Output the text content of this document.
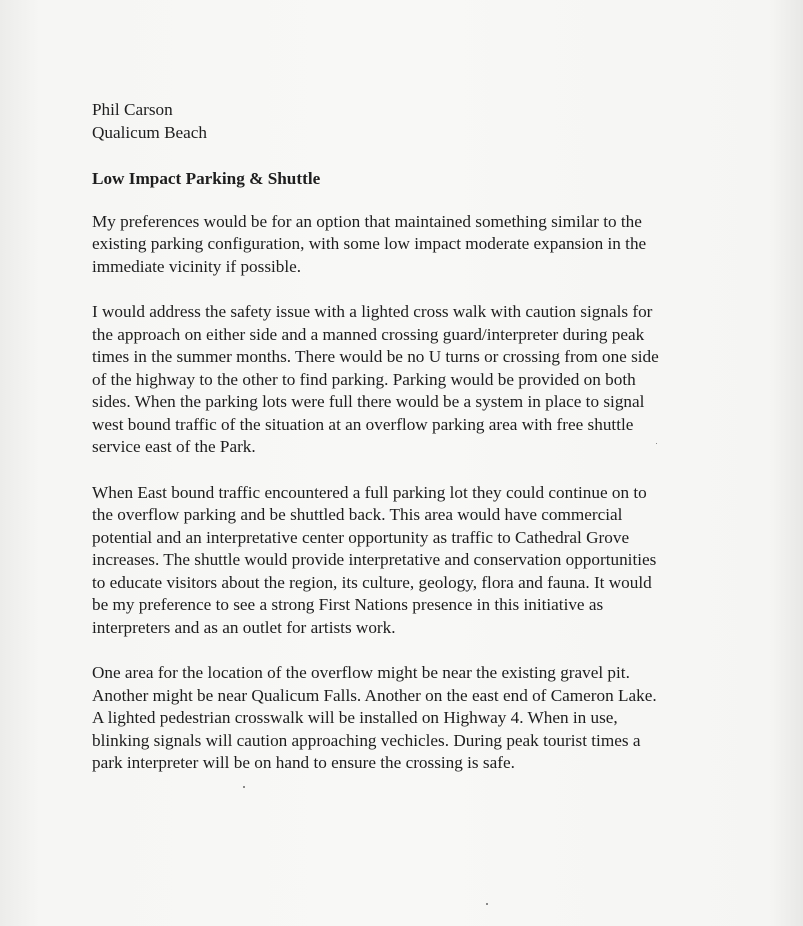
Phil Carson
Qualicum Beach
Low Impact Parking & Shuttle
My preferences would be for an option that maintained something similar to the
existing parking configuration, with some low impact moderate expansion in the
immediate vicinity if possible.
I would address the safety issue with a lighted cross walk with caution signals for
the approach on either side and a manned crossing guard/interpreter during peak
times in the summer months. There would be no U turns or crossing from one side
of the highway to the other to find parking. Parking would be provided on both
sides. When the parking lots were full there would be a system in place to signal
west bound traffic of the situation at an overflow parking area with free shuttle
service east of the Park.
When East bound traffic encountered a full parking lot they could continue on to
the overflow parking and be shuttled back. This area would have commercial
potential and an interpretative center opportunity as traffic to Cathedral Grove
increases. The shuttle would provide interpretative and conservation opportunities
to educate visitors about the region, its culture, geology, flora and fauna. It would
be my preference to see a strong First Nations presence in this initiative as
interpreters and as an outlet for artists work.
One area for the location of the overflow might be near the existing gravel pit.
Another might be near Qualicum Falls. Another on the east end of Cameron Lake.
A lighted pedestrian crosswalk will be installed on Highway 4. When in use,
blinking signals will caution approaching vechicles. During peak tourist times a
park interpreter will be on hand to ensure the crossing is safe.
